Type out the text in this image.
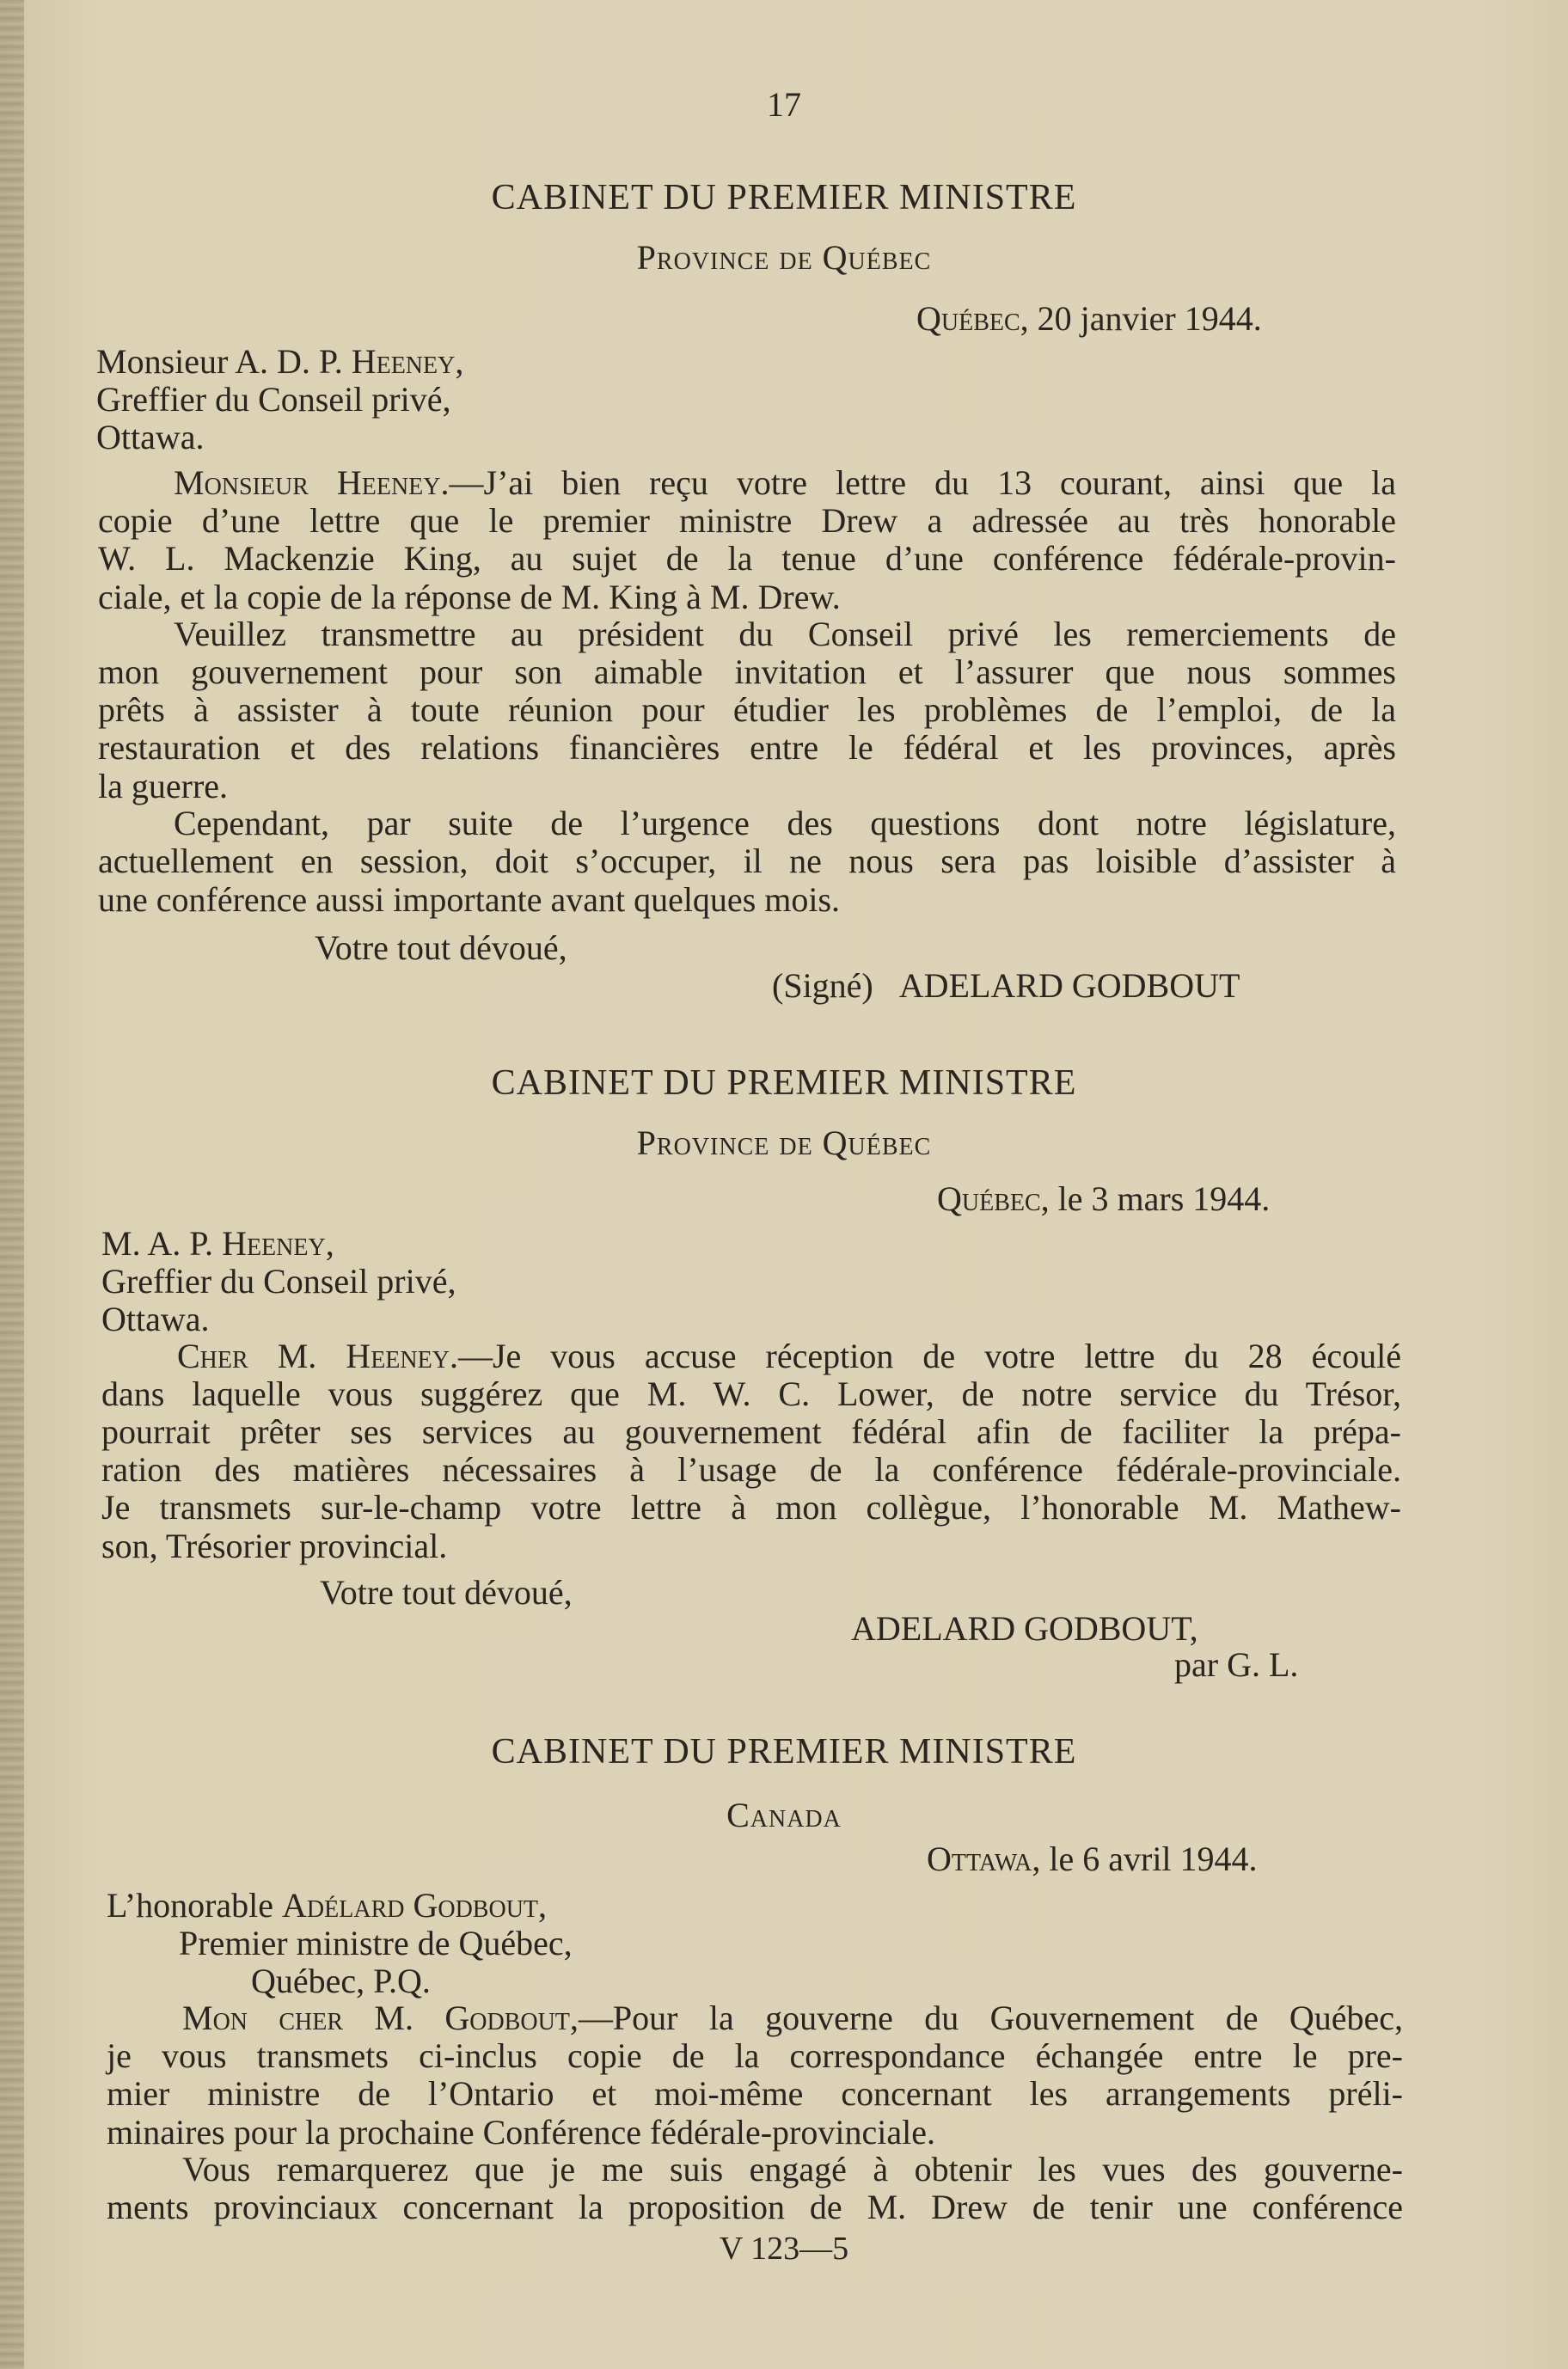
17
CABINET DU PREMIER MINISTRE
Province de Québec
Québec, 20 janvier 1944.
Monsieur A. D. P. Heeney,
Greffier du Conseil privé,
Ottawa.
Monsieur Heeney.—J’ai bien reçu votre lettre du 13 courant, ainsi que la
copie d’une lettre que le premier ministre Drew a adressée au très honorable
W. L. Mackenzie King, au sujet de la tenue d’une conférence fédérale-provin-
ciale, et la copie de la réponse de M. King à M. Drew.
Veuillez transmettre au président du Conseil privé les remerciements de
mon gouvernement pour son aimable invitation et l’assurer que nous sommes
prêts à assister à toute réunion pour étudier les problèmes de l’emploi, de la
restauration et des relations financières entre le fédéral et les provinces, après
la guerre.
Cependant, par suite de l’urgence des questions dont notre législature,
actuellement en session, doit s’occuper, il ne nous sera pas loisible d’assister à
une conférence aussi importante avant quelques mois.
Votre tout dévoué,
(Signé) ADELARD GODBOUT
CABINET DU PREMIER MINISTRE
Province de Québec
Québec, le 3 mars 1944.
M. A. P. Heeney,
Greffier du Conseil privé,
Ottawa.
Cher M. Heeney.—Je vous accuse réception de votre lettre du 28 écoulé
dans laquelle vous suggérez que M. W. C. Lower, de notre service du Trésor,
pourrait prêter ses services au gouvernement fédéral afin de faciliter la prépa-
ration des matières nécessaires à l’usage de la conférence fédérale-provinciale.
Je transmets sur-le-champ votre lettre à mon collègue, l’honorable M. Mathew-
son, Trésorier provincial.
Votre tout dévoué,
ADELARD GODBOUT,
par G. L.
CABINET DU PREMIER MINISTRE
Canada
Ottawa, le 6 avril 1944.
L’honorable Adélard Godbout,
Premier ministre de Québec,
Québec, P.Q.
Mon cher M. Godbout,—Pour la gouverne du Gouvernement de Québec,
je vous transmets ci-inclus copie de la correspondance échangée entre le pre-
mier ministre de l’Ontario et moi-même concernant les arrangements préli-
minaires pour la prochaine Conférence fédérale-provinciale.
Vous remarquerez que je me suis engagé à obtenir les vues des gouverne-
ments provinciaux concernant la proposition de M. Drew de tenir une conférence
V 123—5
